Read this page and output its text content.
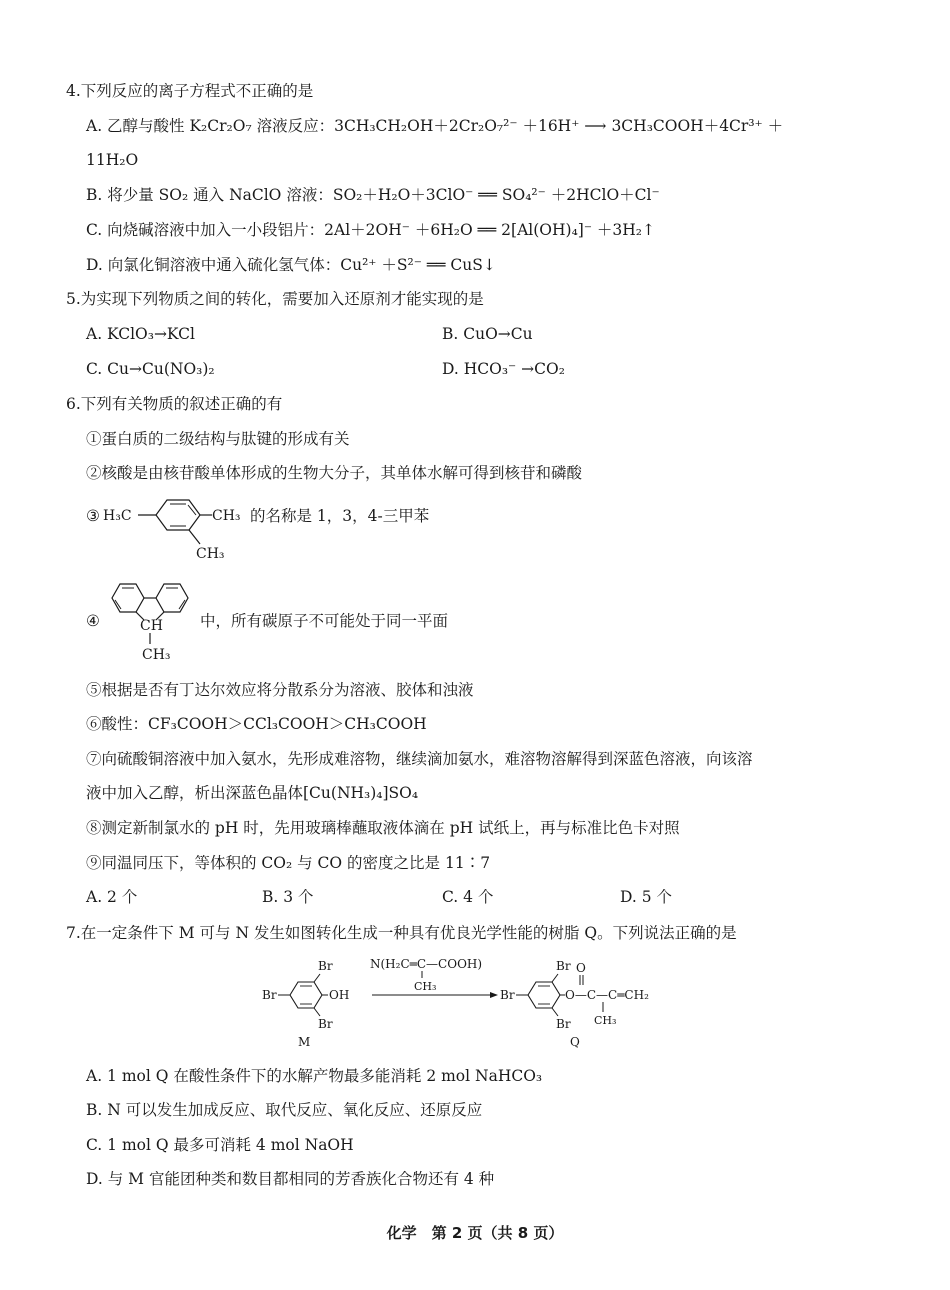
4.下列反应的离子方程式不正确的是
A. 乙醇与酸性 K₂Cr₂O₇ 溶液反应：3CH₃CH₂OH＋2Cr₂O₇²⁻ ＋16H⁺ ⟶ 3CH₃COOH＋4Cr³⁺ ＋
11H₂O
B. 将少量 SO₂ 通入 NaClO 溶液：SO₂＋H₂O＋3ClO⁻ ══ SO₄²⁻ ＋2HClO＋Cl⁻
C. 向烧碱溶液中加入一小段铝片：2Al＋2OH⁻ ＋6H₂O ══ 2[Al(OH)₄]⁻ ＋3H₂↑
D. 向氯化铜溶液中通入硫化氢气体：Cu²⁺ ＋S²⁻ ══ CuS↓
5.为实现下列物质之间的转化，需要加入还原剂才能实现的是
A. KClO₃→KCl	B. CuO→Cu
C. Cu→Cu(NO₃)₂	D. HCO₃⁻ →CO₂
6.下列有关物质的叙述正确的有
①蛋白质的二级结构与肽键的形成有关
②核酸是由核苷酸单体形成的生物大分子，其单体水解可得到核苷和磷酸
③ H₃C	CH₃
CH₃
的名称是 1，3，4-三甲苯
④	CH
CH₃
中，所有碳原子不可能处于同一平面
⑤根据是否有丁达尔效应将分散系分为溶液、胶体和浊液
⑥酸性：CF₃COOH＞CCl₃COOH＞CH₃COOH
⑦向硫酸铜溶液中加入氨水，先形成难溶物，继续滴加氨水，难溶物溶解得到深蓝色溶液，向该溶
液中加入乙醇，析出深蓝色晶体[Cu(NH₃)₄]SO₄
⑧测定新制氯水的 pH 时，先用玻璃棒蘸取液体滴在 pH 试纸上，再与标准比色卡对照
⑨同温同压下，等体积的 CO₂ 与 CO 的密度之比是 11∶7
A. 2 个	B. 3 个	C. 4 个	D. 5 个
7.在一定条件下 M 可与 N 发生如图转化生成一种具有优良光学性能的树脂 Q。下列说法正确的是
Br
Br	OH
Br
M
N(H₂C═C—COOH)
CH₃
Br
Br	O—C—C═CH₂
O
CH₃
Br
Q
A. 1 mol Q 在酸性条件下的水解产物最多能消耗 2 mol NaHCO₃
B. N 可以发生加成反应、取代反应、氧化反应、还原反应
C. 1 mol Q 最多可消耗 4 mol NaOH
D. 与 M 官能团种类和数目都相同的芳香族化合物还有 4 种
化学　第 2 页（共 8 页）
